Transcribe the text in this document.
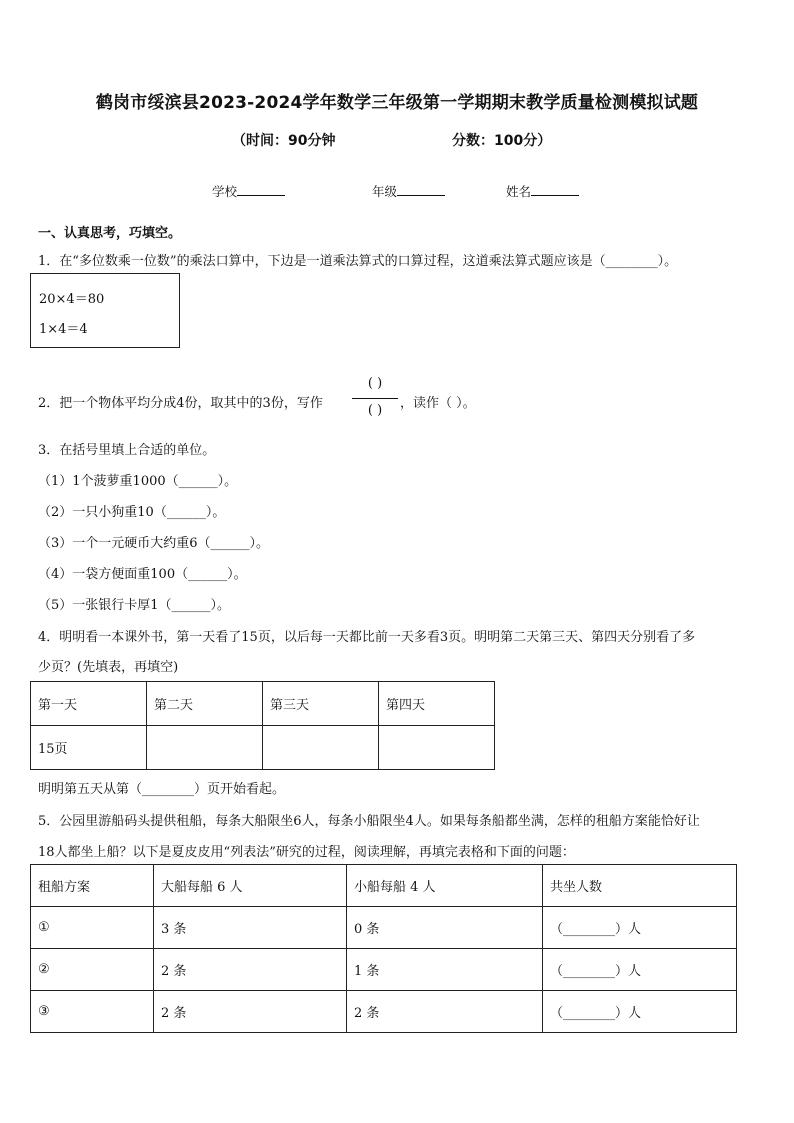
鹤岗市绥滨县2023-2024学年数学三年级第一学期期末教学质量检测模拟试题
（时间：90分钟	分数：100分）
学校	年级	姓名
一、认真思考，巧填空。
1．在“多位数乘一位数”的乘法口算中，下边是一道乘法算式的口算过程，这道乘法算式题应该是（________）。
20×4＝80
1×4＝4
2．把一个物体平均分成4份，取其中的3份，写作
( )
( )	，读作（ ）。
3．在括号里填上合适的单位。
（1）1个菠萝重1000（______）。
（2）一只小狗重10（______）。
（3）一个一元硬币大约重6（______）。
（4）一袋方便面重100（______）。
（5）一张银行卡厚1（______）。
4．明明看一本课外书，第一天看了15页，以后每一天都比前一天多看3页。明明第二天第三天、第四天分别看了多
少页？(先填表，再填空)
第一天	第二天	第三天	第四天
15页			
明明第五天从第（________）页开始看起。
5．公园里游船码头提供租船，每条大船限坐6人，每条小船限坐4人。如果每条船都坐满，怎样的租船方案能恰好让
18人都坐上船？以下是夏皮皮用“列表法”研究的过程，阅读理解，再填完表格和下面的问题：
租船方案	大船每船 6 人	小船每船 4 人	共坐人数
①	3 条	0 条	（________）人
②	2 条	1 条	（________）人
③	2 条	2 条	（________）人
